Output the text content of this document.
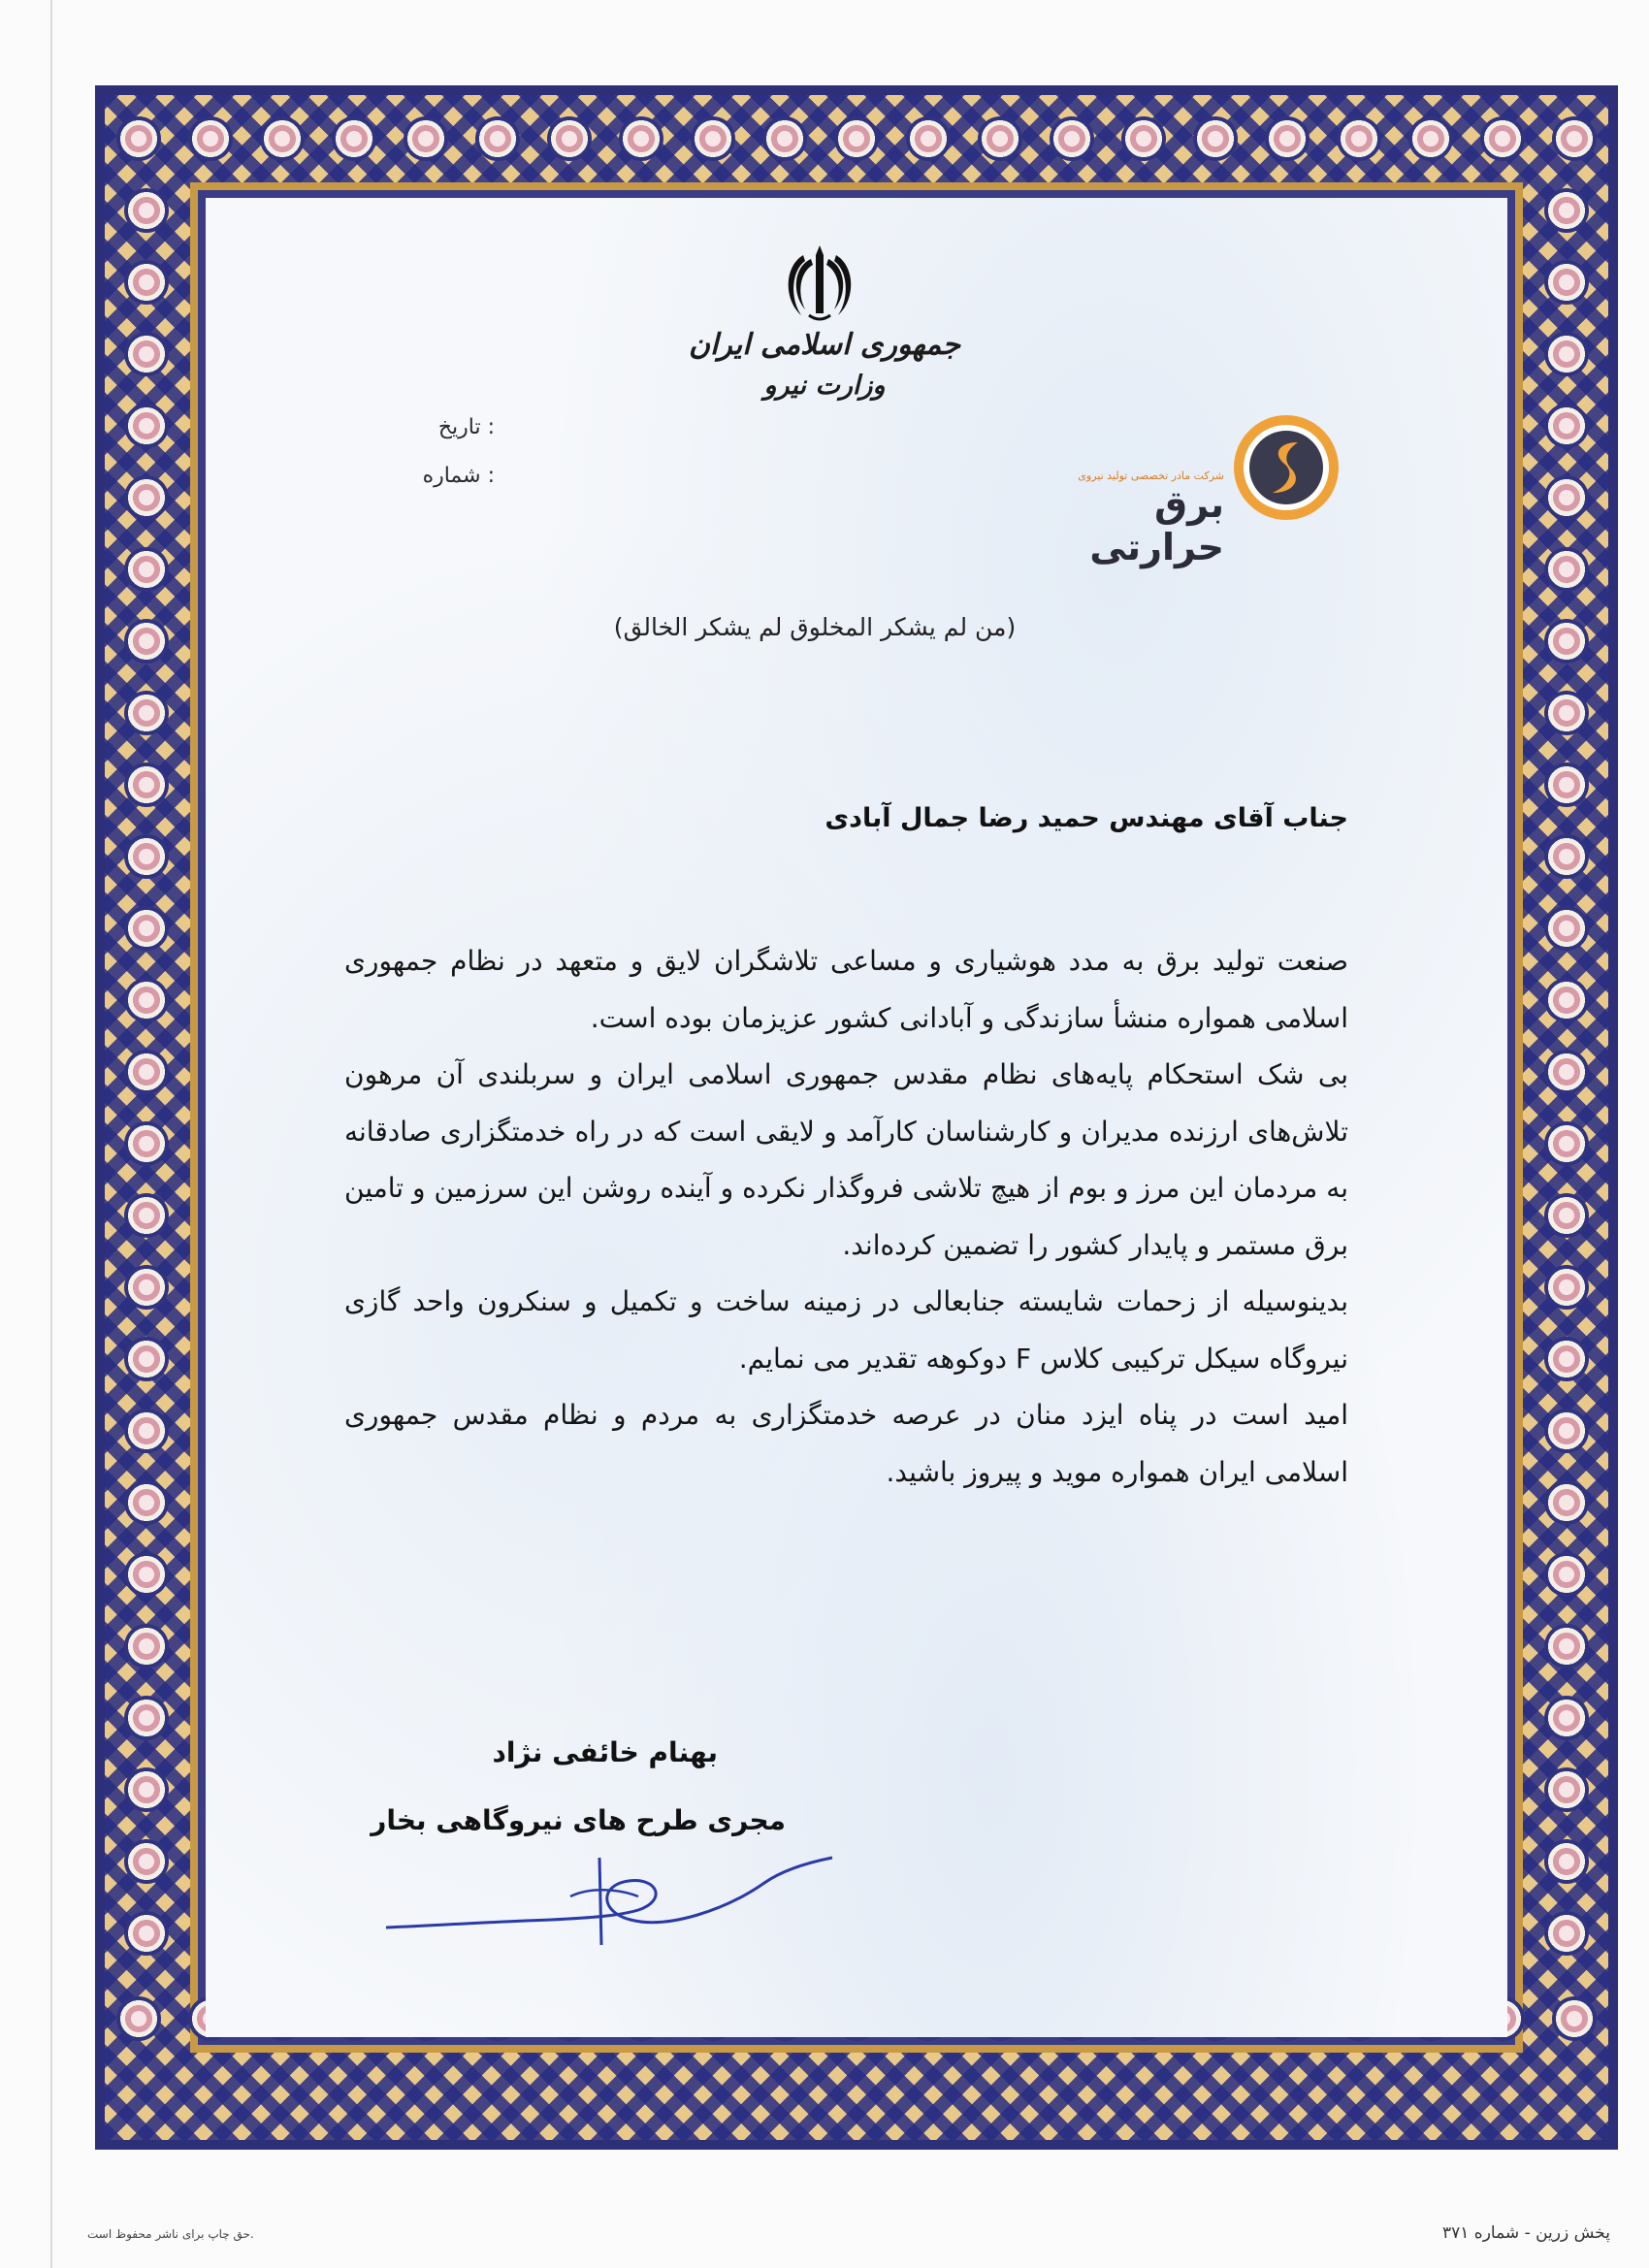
جمهوری اسلامی ایران
وزارت نیرو
تاریخ :
شماره :	شرکت مادر تخصصی تولید نیروی
برق حرارتی
(من لم یشکر المخلوق لم یشکر الخالق)
جناب آقای مهندس حمید رضا جمال آبادی

صنعت تولید برق به مدد هوشیاری و مساعی تلاشگران لایق و متعهد در نظام جمهوری اسلامی همواره منشأ سازندگی و آبادانی کشور عزیزمان بوده است.

بی شک استحکام پایه‌های نظام مقدس جمهوری اسلامی ایران و سربلندی آن مرهون تلاش‌های ارزنده مدیران و کارشناسان کارآمد و لایقی است که در راه خدمتگزاری صادقانه به مردمان این مرز و بوم از هیچ تلاشی فروگذار نکرده و آینده روشن این سرزمین و تامین برق مستمر و پایدار کشور را تضمین کرده‌اند.

بدینوسیله از زحمات شایسته جنابعالی در زمینه ساخت و تکمیل و سنکرون واحد گازی نیروگاه سیکل ترکیبی کلاس F دوکوهه تقدیر می نمایم.

امید است در پناه ایزد منان در عرصه خدمتگزاری به مردم و نظام مقدس جمهوری اسلامی ایران همواره موید و پیروز باشید.

بهنام خائفی نژاد
مجری طرح های نیروگاهی بخار
پخش زرین - شماره ۳۷۱
حق چاپ برای ناشر محفوظ است.
